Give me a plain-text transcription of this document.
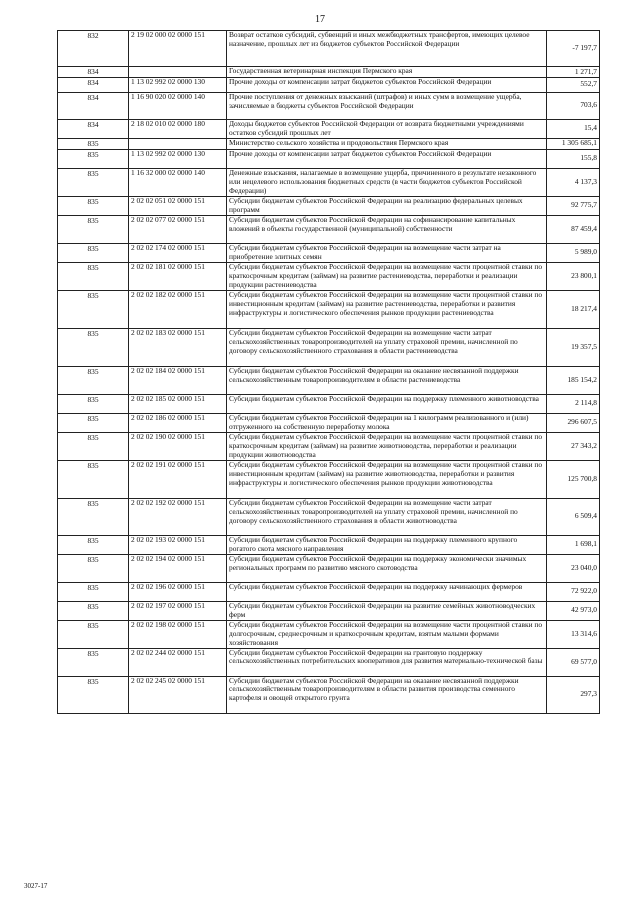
17
832	2 19 02 000 02 0000 151	Возврат остатков субсидий, субвенций и иных межбюджетных трансфертов, имеющих целевое назначение, прошлых лет из бюджетов субъектов Российской Федерации	-7 197,7
834		Государственная ветеринарная инспекция Пермского края	1 271,7
834	1 13 02 992 02 0000 130	Прочие доходы от компенсации затрат бюджетов субъектов Российской Федерации	552,7
834	1 16 90 020 02 0000 140	Прочие поступления от денежных взысканий (штрафов) и иных сумм в возмещение ущерба, зачисляемые в бюджеты субъектов Российской Федерации	703,6
834	2 18 02 010 02 0000 180	Доходы бюджетов субъектов Российской Федерации от возврата бюджетными учреждениями остатков субсидий прошлых лет	15,4
835		Министерство сельского хозяйства и продовольствия Пермского края	1 305 685,1
835	1 13 02 992 02 0000 130	Прочие доходы от компенсации затрат бюджетов субъектов Российской Федерации	155,8
835	1 16 32 000 02 0000 140	Денежные взыскания, налагаемые в возмещение ущерба, причиненного в результате незаконного или нецелевого использования бюджетных средств (в части бюджетов субъектов Российской Федерации)	4 137,3
835	2 02 02 051 02 0000 151	Субсидии бюджетам субъектов Российской Федерации на реализацию федеральных целевых программ	92 775,7
835	2 02 02 077 02 0000 151	Субсидии бюджетам субъектов Российской Федерации на софинансирование капитальных вложений в объекты государственной (муниципальной) собственности	87 459,4
835	2 02 02 174 02 0000 151	Субсидии бюджетам субъектов Российской Федерации на возмещение части затрат на приобретение элитных семян	5 989,0
835	2 02 02 181 02 0000 151	Субсидии бюджетам субъектов Российской Федерации на возмещение части процентной ставки по краткосрочным кредитам (займам) на развитие растениеводства, переработки и реализации продукции растениеводства	23 800,1
835	2 02 02 182 02 0000 151	Субсидии бюджетам субъектов Российской Федерации на возмещение части процентной ставки по инвестиционным кредитам (займам) на развитие растениеводства, переработки и развития инфраструктуры и логистического обеспечения рынков продукции растениеводства	18 217,4
835	2 02 02 183 02 0000 151	Субсидии бюджетам субъектов Российской Федерации на возмещение части затрат сельскохозяйственных товаропроизводителей на уплату страховой премии, начисленной по договору сельскохозяйственного страхования в области растениеводства	19 357,5
835	2 02 02 184 02 0000 151	Субсидии бюджетам субъектов Российской Федерации на оказание несвязанной поддержки сельскохозяйственным товаропроизводителям в области растениеводства	185 154,2
835	2 02 02 185 02 0000 151	Субсидии бюджетам субъектов Российской Федерации на поддержку племенного животноводства	2 114,8
835	2 02 02 186 02 0000 151	Субсидии бюджетам субъектов Российской Федерации на 1 килограмм реализованного и (или) отгруженного на собственную переработку молока	296 607,5
835	2 02 02 190 02 0000 151	Субсидии бюджетам субъектов Российской Федерации на возмещение части процентной ставки по краткосрочным кредитам (займам) на развитие животноводства, переработки и реализации продукции животноводства	27 343,2
835	2 02 02 191 02 0000 151	Субсидии бюджетам субъектов Российской Федерации на возмещение части процентной ставки по инвестиционным кредитам (займам) на развитие животноводства, переработки и развития инфраструктуры и логистического обеспечения рынков продукции животноводства	125 700,8
835	2 02 02 192 02 0000 151	Субсидии бюджетам субъектов Российской Федерации на возмещение части затрат сельскохозяйственных товаропроизводителей на уплату страховой премии, начисленной по договору сельскохозяйственного страхования в области животноводства	6 509,4
835	2 02 02 193 02 0000 151	Субсидии бюджетам субъектов Российской Федерации на поддержку племенного крупного рогатого скота мясного направления	1 698,1
835	2 02 02 194 02 0000 151	Субсидии бюджетам субъектов Российской Федерации на поддержку экономически значимых региональных программ по развитию мясного скотоводства	23 040,0
835	2 02 02 196 02 0000 151	Субсидии бюджетам субъектов Российской Федерации на поддержку начинающих фермеров	72 922,0
835	2 02 02 197 02 0000 151	Субсидии бюджетам субъектов Российской Федерации на развитие семейных животноводческих ферм	42 973,0
835	2 02 02 198 02 0000 151	Субсидии бюджетам субъектов Российской Федерации на возмещение части процентной ставки по долгосрочным, среднесрочным и краткосрочным кредитам, взятым малыми формами хозяйствования	13 314,6
835	2 02 02 244 02 0000 151	Субсидии бюджетам субъектов Российской Федерации на грантовую поддержку сельскохозяйственных потребительских кооперативов для развития материально-технической базы	69 577,0
835	2 02 02 245 02 0000 151	Субсидии бюджетам субъектов Российской Федерации на оказание несвязанной поддержки сельскохозяйственным товаропроизводителям в области развития производства семенного картофеля и овощей открытого грунта	297,3
3027-17
